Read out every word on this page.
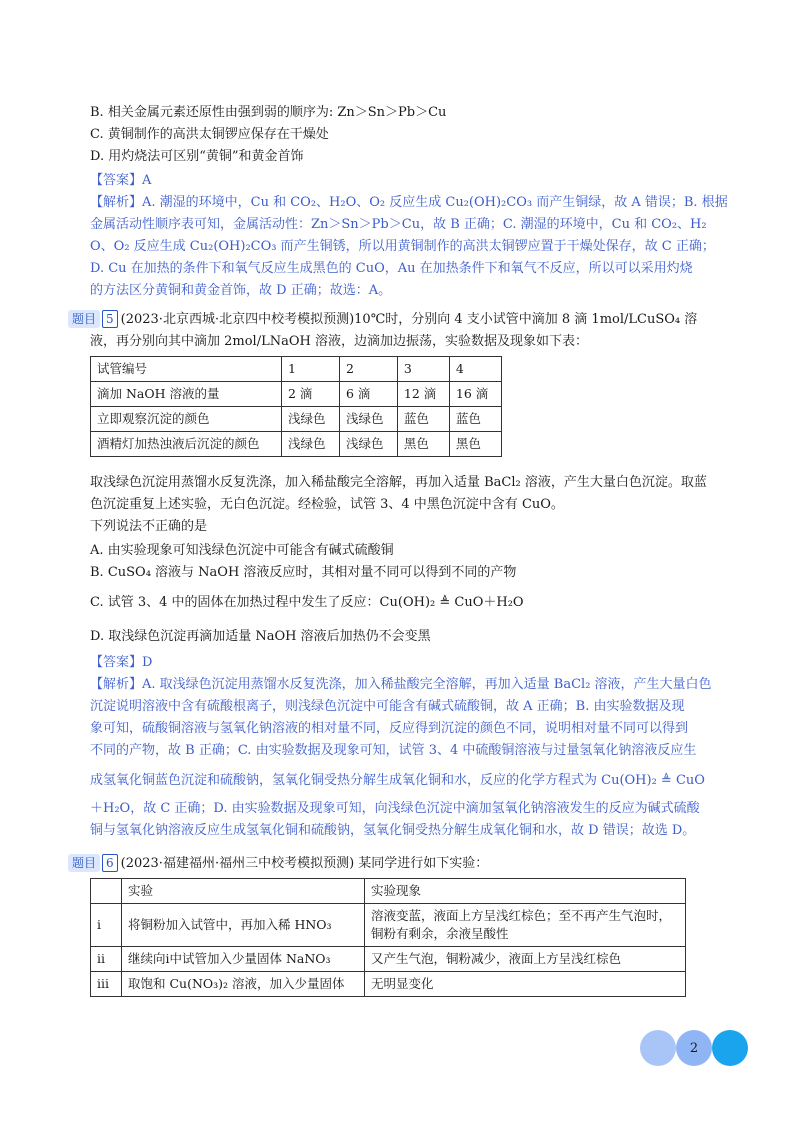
B. 相关金属元素还原性由强到弱的顺序为: Zn＞Sn＞Pb＞Cu
C. 黄铜制作的高洪太铜锣应保存在干燥处
D. 用灼烧法可区别“黄铜”和黄金首饰
【答案】A
【解析】A. 潮湿的环境中，Cu 和 CO₂、H₂O、O₂ 反应生成 Cu₂(OH)₂CO₃ 而产生铜绿，故 A 错误；B. 根据
金属活动性顺序表可知，金属活动性：Zn＞Sn＞Pb＞Cu，故 B 正确；C. 潮湿的环境中，Cu 和 CO₂、H₂
O、O₂ 反应生成 Cu₂(OH)₂CO₃ 而产生铜锈，所以用黄铜制作的高洪太铜锣应置于干燥处保存，故 C 正确；
D. Cu 在加热的条件下和氧气反应生成黑色的 CuO，Au 在加热条件下和氧气不反应，所以可以采用灼烧
的方法区分黄铜和黄金首饰，故 D 正确；故选：A。
题目 5 (2023·北京西城·北京四中校考模拟预测)10℃时，分别向 4 支小试管中滴加 8 滴 1mol/LCuSO₄ 溶
液，再分别向其中滴加 2mol/LNaOH 溶液，边滴加边振荡，实验数据及现象如下表：
试管编号	1	2	3	4
滴加 NaOH 溶液的量	2 滴	6 滴	12 滴	16 滴
立即观察沉淀的颜色	浅绿色	浅绿色	蓝色	蓝色
酒精灯加热浊液后沉淀的颜色	浅绿色	浅绿色	黑色	黑色
取浅绿色沉淀用蒸馏水反复洗涤，加入稀盐酸完全溶解，再加入适量 BaCl₂ 溶液，产生大量白色沉淀。取蓝
色沉淀重复上述实验，无白色沉淀。经检验，试管 3、4 中黑色沉淀中含有 CuO。
下列说法不正确的是
A. 由实验现象可知浅绿色沉淀中可能含有碱式硫酸铜
B. CuSO₄ 溶液与 NaOH 溶液反应时，其相对量不同可以得到不同的产物
C. 试管 3、4 中的固体在加热过程中发生了反应：Cu(OH)₂ ≜ CuO＋H₂O
D. 取浅绿色沉淀再滴加适量 NaOH 溶液后加热仍不会变黑
【答案】D
【解析】A. 取浅绿色沉淀用蒸馏水反复洗涤，加入稀盐酸完全溶解，再加入适量 BaCl₂ 溶液，产生大量白色
沉淀说明溶液中含有硫酸根离子，则浅绿色沉淀中可能含有碱式硫酸铜，故 A 正确；B. 由实验数据及现
象可知，硫酸铜溶液与氢氧化钠溶液的相对量不同，反应得到沉淀的颜色不同，说明相对量不同可以得到
不同的产物，故 B 正确；C. 由实验数据及现象可知，试管 3、4 中硫酸铜溶液与过量氢氧化钠溶液反应生
成氢氧化铜蓝色沉淀和硫酸钠，氢氧化铜受热分解生成氧化铜和水，反应的化学方程式为 Cu(OH)₂ ≜ CuO
＋H₂O，故 C 正确；D. 由实验数据及现象可知，向浅绿色沉淀中滴加氢氧化钠溶液发生的反应为碱式硫酸
铜与氢氧化钠溶液反应生成氢氧化铜和硫酸钠，氢氧化铜受热分解生成氧化铜和水，故 D 错误；故选 D。
题目 6 (2023·福建福州·福州三中校考模拟预测) 某同学进行如下实验：
	实验	实验现象
i	将铜粉加入试管中，再加入稀 HNO₃	溶液变蓝，液面上方呈浅红棕色；至不再产生气泡时，铜粉有剩余，余液呈酸性
ii	继续向i中试管加入少量固体 NaNO₃	又产生气泡，铜粉减少，液面上方呈浅红棕色
iii	取饱和 Cu(NO₃)₂ 溶液，加入少量固体	无明显变化
2
